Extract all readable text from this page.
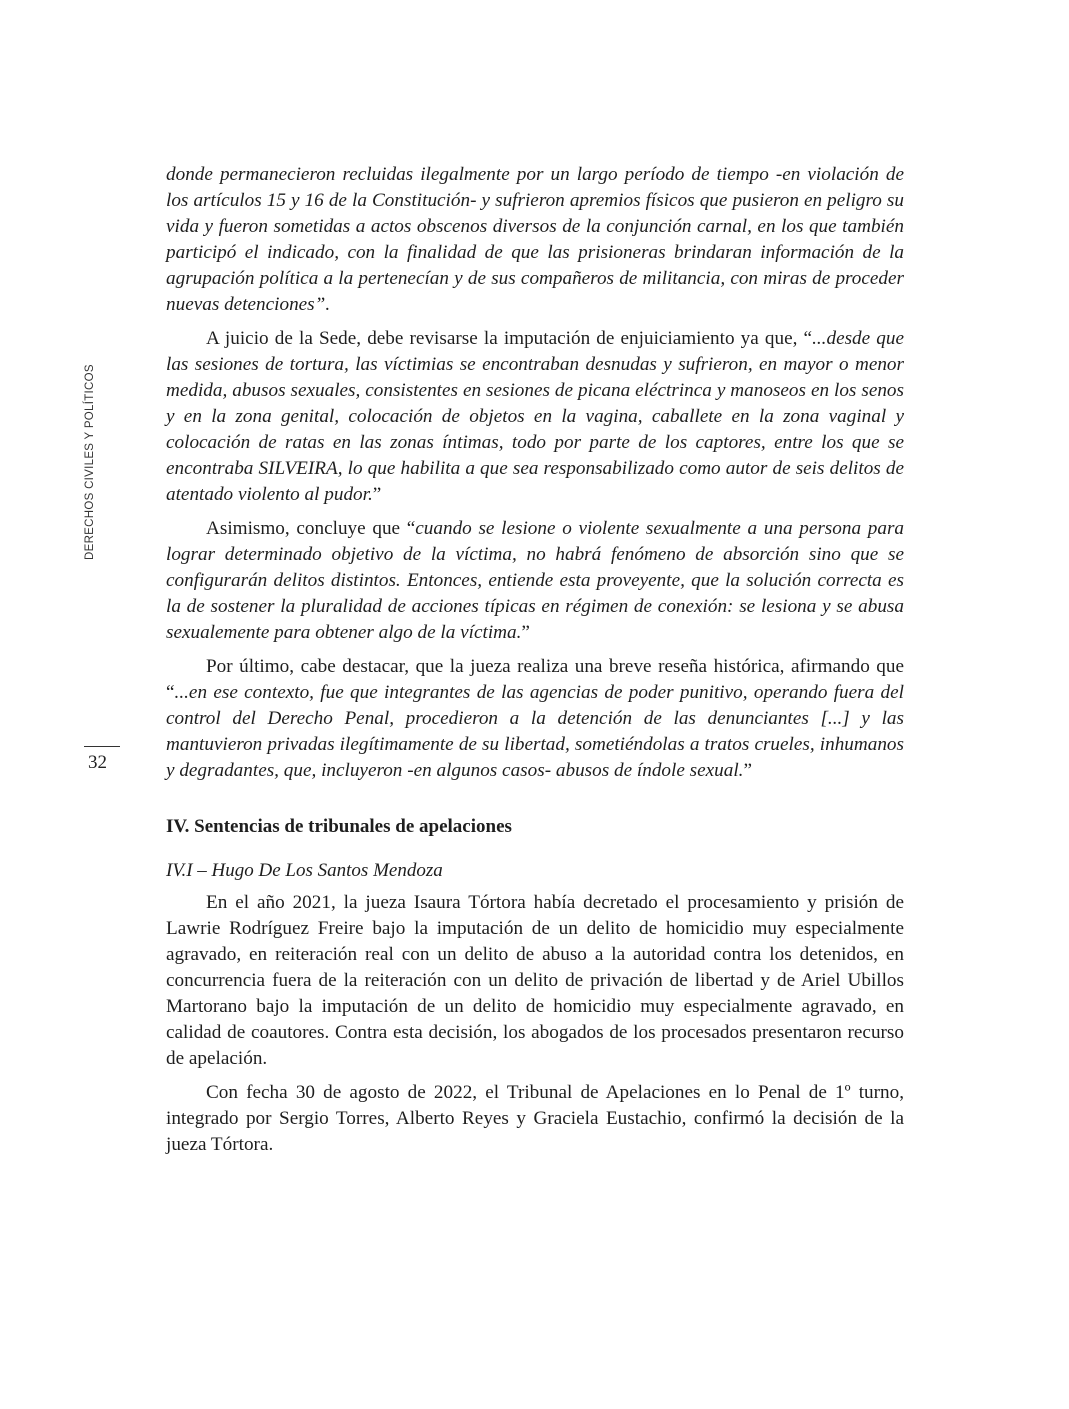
DERECHOS CIVILES Y POLÍTICOS
32

donde permanecieron recluidas ilegalmente por un largo período de tiempo -en violación de los artículos 15 y 16 de la Constitución- y sufrieron apremios físicos que pusieron en peligro su vida y fueron sometidas a actos obscenos diversos de la conjunción carnal, en los que también participó el indicado, con la finalidad de que las prisioneras brindaran información de la agrupación política a la pertenecían y de sus compañeros de militancia, con miras de proceder nuevas detenciones”.

A juicio de la Sede, debe revisarse la imputación de enjuiciamiento ya que, “...desde que las sesiones de tortura, las víctimias se encontraban desnudas y sufrieron, en mayor o menor medida, abusos sexuales, consistentes en sesiones de picana eléctrinca y manoseos en los senos y en la zona genital, colocación de objetos en la vagina, caballete en la zona vaginal y colocación de ratas en las zonas íntimas, todo por parte de los captores, entre los que se encontraba SILVEIRA, lo que habilita a que sea responsabilizado como autor de seis delitos de atentado violento al pudor.”

Asimismo, concluye que “cuando se lesione o violente sexualmente a una persona para lograr determinado objetivo de la víctima, no habrá fenómeno de absorción sino que se configurarán delitos distintos. Entonces, entiende esta proveyente, que la solución correcta es la de sostener la pluralidad de acciones típicas en régimen de conexión: se lesiona y se abusa sexualemente para obtener algo de la víctima.”

Por último, cabe destacar, que la jueza realiza una breve reseña histórica, afirmando que “...en ese contexto, fue que integrantes de las agencias de poder punitivo, operando fuera del control del Derecho Penal, procedieron a la detención de las denunciantes [...] y las mantuvieron privadas ilegítimamente de su libertad, sometiéndolas a tratos crueles, inhumanos y degradantes, que, incluyeron -en algunos casos- abusos de índole sexual.”

IV. Sentencias de tribunales de apelaciones
IV.I – Hugo De Los Santos Mendoza

En el año 2021, la jueza Isaura Tórtora había decretado el procesamiento y prisión de Lawrie Rodríguez Freire bajo la imputación de un delito de homicidio muy especialmente agravado, en reiteración real con un delito de abuso a la autoridad contra los detenidos, en concurrencia fuera de la reiteración con un delito de privación de libertad y de Ariel Ubillos Martorano bajo la imputación de un delito de homicidio muy especialmente agravado, en calidad de coautores. Contra esta decisión, los abogados de los procesados presentaron recurso de apelación.

Con fecha 30 de agosto de 2022, el Tribunal de Apelaciones en lo Penal de 1º turno, integrado por Sergio Torres, Alberto Reyes y Graciela Eustachio, confirmó la decisión de la jueza Tórtora.
